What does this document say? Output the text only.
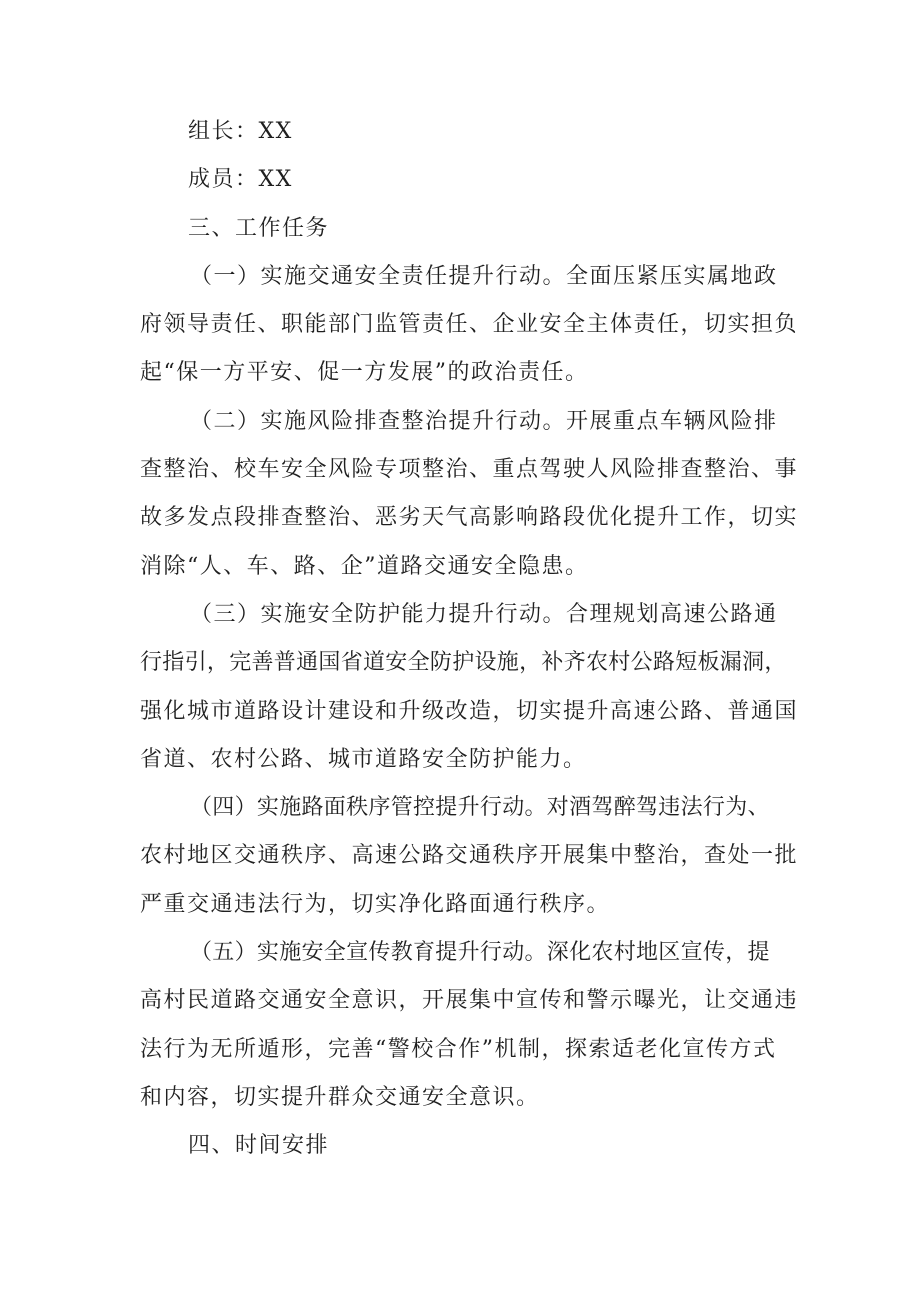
组长：XX
成员：XX
三、工作任务
（一）实施交通安全责任提升行动。全面压紧压实属地政
府领导责任、职能部门监管责任、企业安全主体责任，切实担负
起“保一方平安、促一方发展”的政治责任。
（二）实施风险排查整治提升行动。开展重点车辆风险排
查整治、校车安全风险专项整治、重点驾驶人风险排查整治、事
故多发点段排查整治、恶劣天气高影响路段优化提升工作，切实
消除“人、车、路、企”道路交通安全隐患。
（三）实施安全防护能力提升行动。合理规划高速公路通
行指引，完善普通国省道安全防护设施，补齐农村公路短板漏洞，
强化城市道路设计建设和升级改造，切实提升高速公路、普通国
省道、农村公路、城市道路安全防护能力。
（四）实施路面秩序管控提升行动。对酒驾醉驾违法行为、
农村地区交通秩序、高速公路交通秩序开展集中整治，查处一批
严重交通违法行为，切实净化路面通行秩序。
（五）实施安全宣传教育提升行动。深化农村地区宣传，提
高村民道路交通安全意识，开展集中宣传和警示曝光，让交通违
法行为无所遁形，完善“警校合作”机制，探索适老化宣传方式
和内容，切实提升群众交通安全意识。
四、时间安排
